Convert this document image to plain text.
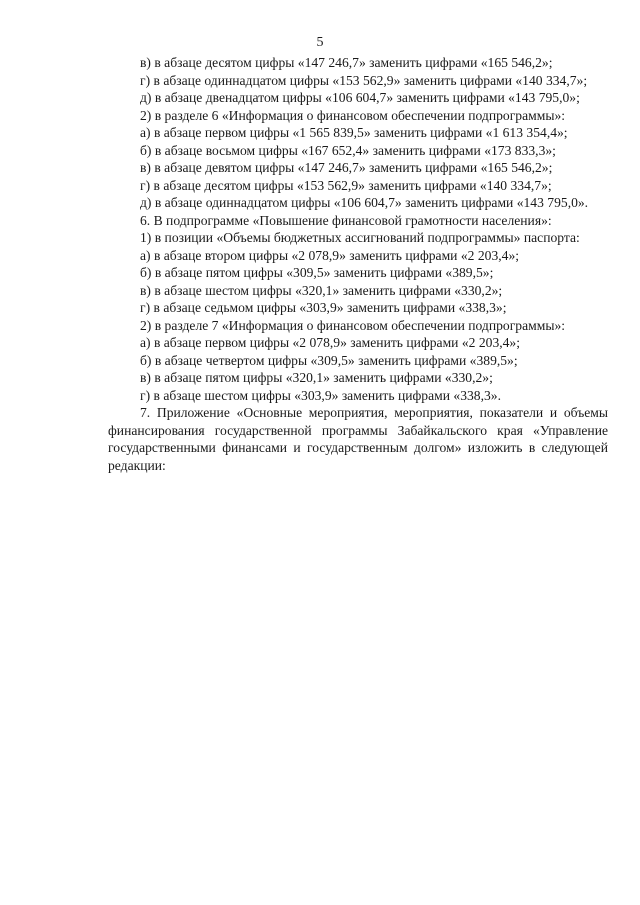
5

в) в абзаце десятом цифры «147 246,7» заменить цифрами «165 546,2»;

г) в абзаце одиннадцатом цифры «153 562,9» заменить цифрами «140 334,7»;

д) в абзаце двенадцатом цифры «106 604,7» заменить цифрами «143 795,0»;

2) в разделе 6 «Информация о финансовом обеспечении подпрограммы»:

а) в абзаце первом цифры «1 565 839,5» заменить цифрами «1 613 354,4»;

б) в абзаце восьмом цифры «167 652,4» заменить цифрами «173 833,3»;

в) в абзаце девятом цифры «147 246,7» заменить цифрами «165 546,2»;

г) в абзаце десятом цифры «153 562,9» заменить цифрами «140 334,7»;

д) в абзаце одиннадцатом цифры «106 604,7» заменить цифрами «143 795,0».

6. В подпрограмме «Повышение финансовой грамотности населения»:

1) в позиции «Объемы бюджетных ассигнований подпрограммы» паспорта:

а) в абзаце втором цифры «2 078,9» заменить цифрами «2 203,4»;

б) в абзаце пятом цифры «309,5» заменить цифрами «389,5»;

в) в абзаце шестом цифры «320,1» заменить цифрами «330,2»;

г) в абзаце седьмом цифры «303,9» заменить цифрами «338,3»;

2) в разделе 7 «Информация о финансовом обеспечении подпрограммы»:

а) в абзаце первом цифры «2 078,9» заменить цифрами «2 203,4»;

б) в абзаце четвертом цифры «309,5» заменить цифрами «389,5»;

в) в абзаце пятом цифры «320,1» заменить цифрами «330,2»;

г) в абзаце шестом цифры «303,9» заменить цифрами «338,3».

7. Приложение «Основные мероприятия, мероприятия, показатели и объемы финансирования государственной программы Забайкальского края «Управление государственными финансами и государственным долгом» изложить в следующей редакции:
